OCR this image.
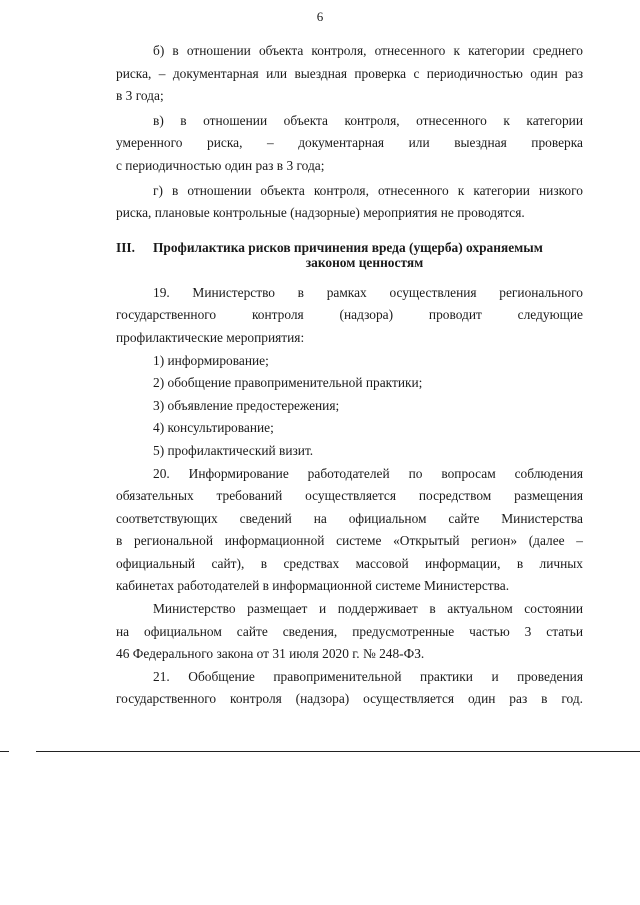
6

б) в отношении объекта контроля, отнесенного к категории среднего

риска, – документарная или выездная проверка с периодичностью один раз

в 3 года;

в) в отношении объекта контроля, отнесенного к категории

умеренного риска, – документарная или выездная проверка

с периодичностью один раз в 3 года;

г) в отношении объекта контроля, отнесенного к категории низкого

риска, плановые контрольные (надзорные) мероприятия не проводятся.

III.	Профилактика рисков причинения вреда (ущерба) охраняемым
законом ценностям

19. Министерство в рамках осуществления регионального

государственного контроля (надзора) проводит следующие

профилактические мероприятия:

1) информирование;

2) обобщение правоприменительной практики;

3) объявление предостережения;

4) консультирование;

5) профилактический визит.

20. Информирование работодателей по вопросам соблюдения

обязательных требований осуществляется посредством размещения

соответствующих сведений на официальном сайте Министерства

в региональной информационной системе «Открытый регион» (далее –

официальный сайт), в средствах массовой информации, в личных

кабинетах работодателей в информационной системе Министерства.

Министерство размещает и поддерживает в актуальном состоянии

на официальном сайте сведения, предусмотренные частью 3 статьи

46 Федерального закона от 31 июля 2020 г. № 248-ФЗ.

21. Обобщение правоприменительной практики и проведения

государственного контроля (надзора) осуществляется один раз в год.
